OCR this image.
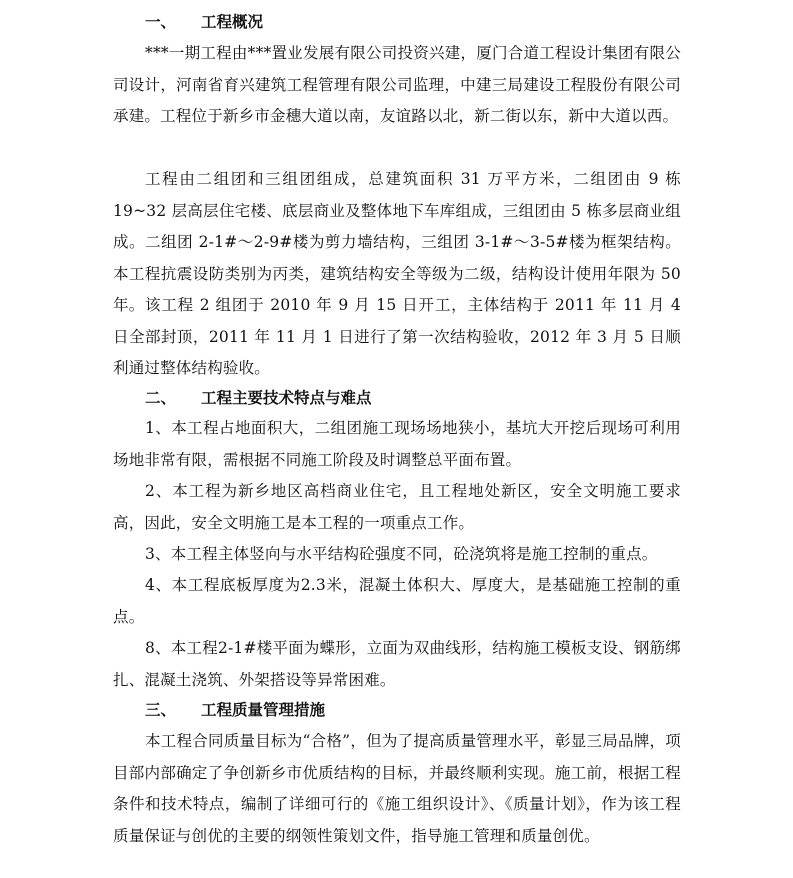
一、 工程概况

***一期工程由***置业发展有限公司投资兴建，厦门合道工程设计集团有限公司设计，河南省育兴建筑工程管理有限公司监理，中建三局建设工程股份有限公司承建。工程位于新乡市金穗大道以南，友谊路以北，新二街以东，新中大道以西。

工程由二组团和三组团组成，总建筑面积 31 万平方米，二组团由 9 栋 19~32 层高层住宅楼、底层商业及整体地下车库组成，三组团由 5 栋多层商业组成。二组团 2-1#～2-9#楼为剪力墙结构，三组团 3-1#～3-5#楼为框架结构。本工程抗震设防类别为丙类，建筑结构安全等级为二级，结构设计使用年限为 50 年。 该工程 2 组团于 2010 年 9 月 15 日开工，主体结构于 2011 年 11 月 4 日全部封顶，2011 年 11 月 1 日进行了第一次结构验收，2012 年 3 月 5 日顺利通过整体结构验收。

二、 工程主要技术特点与难点

1、本工程占地面积大，二组团施工现场场地狭小，基坑大开挖后现场可利用场地非常有限，需根据不同施工阶段及时调整总平面布置。

2、本工程为新乡地区高档商业住宅，且工程地处新区，安全文明施工要求高，因此，安全文明施工是本工程的一项重点工作。

3、本工程主体竖向与水平结构砼强度不同，砼浇筑将是施工控制的重点。

4、本工程底板厚度为2.3米，混凝土体积大、厚度大，是基础施工控制的重点。

8、本工程2-1#楼平面为蝶形，立面为双曲线形，结构施工模板支设、钢筋绑扎、混凝土浇筑、外架搭设等异常困难。

三、 工程质量管理措施

本工程合同质量目标为“合格”，但为了提高质量管理水平，彰显三局品牌，项目部内部确定了争创新乡市优质结构的目标，并最终顺利实现。施工前，根据工程条件和技术特点，编制了详细可行的《施工组织设计》、《质量计划》，作为该工程质量保证与创优的主要的纲领性策划文件，指导施工管理和质量创优。
